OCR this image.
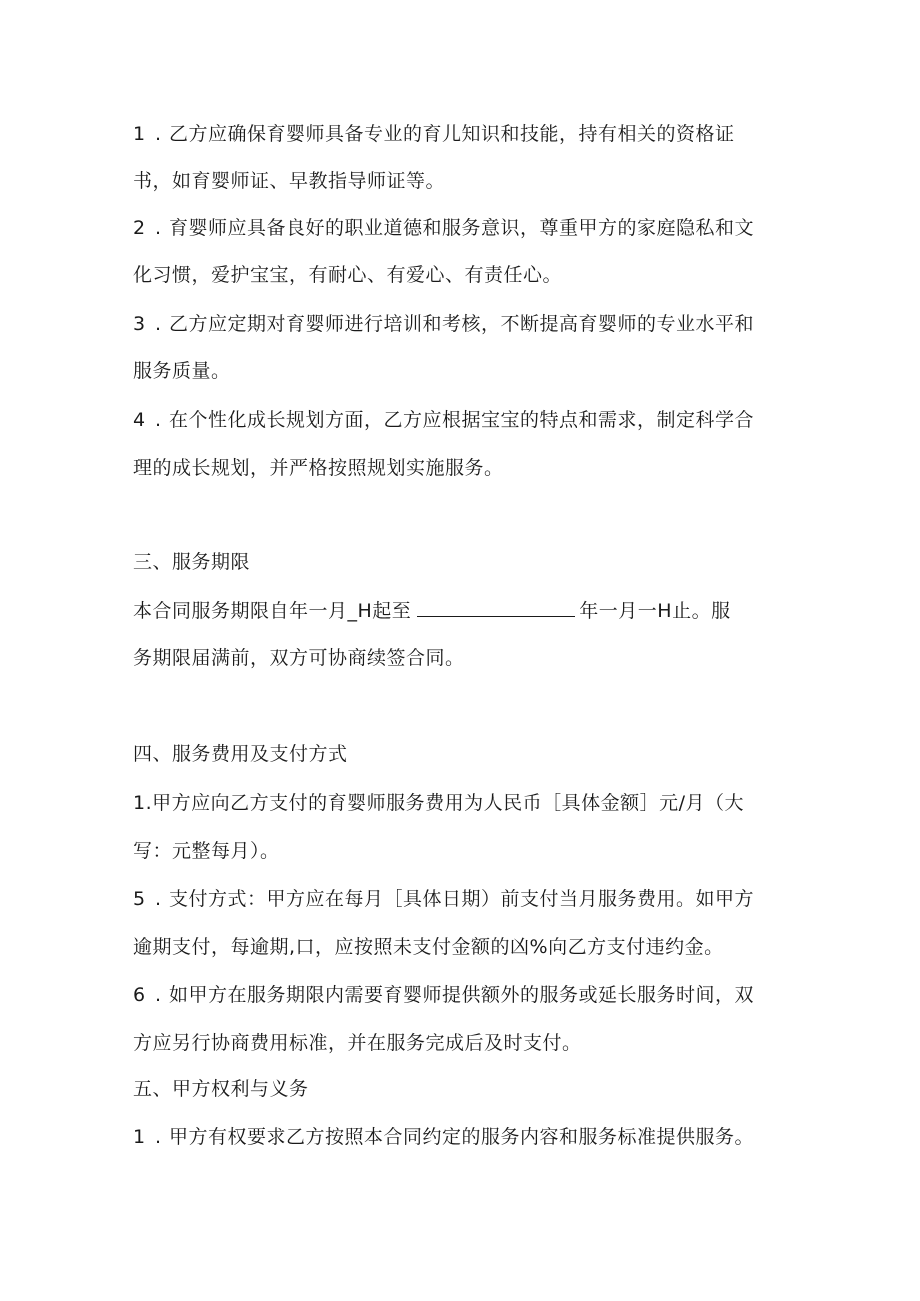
1 . 乙方应确保育婴师具备专业的育儿知识和技能，持有相关的资格证
书，如育婴师证、早教指导师证等。
2 . 育婴师应具备良好的职业道德和服务意识，尊重甲方的家庭隐私和文
化习惯，爱护宝宝，有耐心、有爱心、有责任心。
3 . 乙方应定期对育婴师进行培训和考核，不断提高育婴师的专业水平和
服务质量。
4 . 在个性化成长规划方面，乙方应根据宝宝的特点和需求，制定科学合
理的成长规划，并严格按照规划实施服务。
三、服务期限
本合同服务期限自年一月_H起至	年一月一H止。服
务期限届满前，双方可协商续签合同。
四、服务费用及支付方式
1.甲方应向乙方支付的育婴师服务费用为人民币［具体金额］元/月（大
写：元整每月）。
5 . 支付方式：甲方应在每月［具体日期）前支付当月服务费用。如甲方
逾期支付，每逾期,口，应按照未支付金额的凶%向乙方支付违约金。
6 . 如甲方在服务期限内需要育婴师提供额外的服务或延长服务时间，双
方应另行协商费用标准，并在服务完成后及时支付。
五、甲方权利与义务
1 . 甲方有权要求乙方按照本合同约定的服务内容和服务标准提供服务。
